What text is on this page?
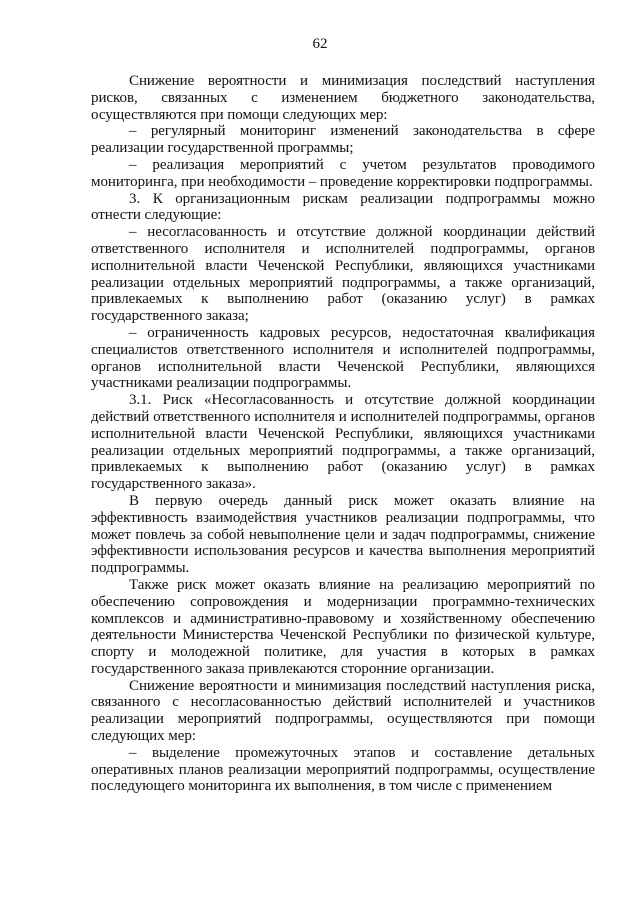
62

Снижение вероятности и минимизация последствий наступления рисков, связанных с изменением бюджетного законодательства, осуществляются при помощи следующих мер:

– регулярный мониторинг изменений законодательства в сфере реализации государственной программы;

– реализация мероприятий с учетом результатов проводимого мониторинга, при необходимости – проведение корректировки подпрограммы.

3. К организационным рискам реализации подпрограммы можно отнести следующие:

– несогласованность и отсутствие должной координации действий ответственного исполнителя и исполнителей подпрограммы, органов исполнительной власти Чеченской Республики, являющихся участниками реализации отдельных мероприятий подпрограммы, а также организаций, привлекаемых к выполнению работ (оказанию услуг) в рамках государственного заказа;

– ограниченность кадровых ресурсов, недостаточная квалификация специалистов ответственного исполнителя и исполнителей подпрограммы, органов исполнительной власти Чеченской Республики, являющихся участниками реализации подпрограммы.

3.1. Риск «Несогласованность и отсутствие должной координации действий ответственного исполнителя и исполнителей подпрограммы, органов исполнительной власти Чеченской Республики, являющихся участниками реализации отдельных мероприятий подпрограммы, а также организаций, привлекаемых к выполнению работ (оказанию услуг) в рамках государственного заказа».

В первую очередь данный риск может оказать влияние на эффективность взаимодействия участников реализации подпрограммы, что может повлечь за собой невыполнение цели и задач подпрограммы, снижение эффективности использования ресурсов и качества выполнения мероприятий подпрограммы.

Также риск может оказать влияние на реализацию мероприятий по обеспечению сопровождения и модернизации программно-технических комплексов и административно-правовому и хозяйственному обеспечению деятельности Министерства Чеченской Республики по физической культуре, спорту и молодежной политике, для участия в которых в рамках государственного заказа привлекаются сторонние организации.

Снижение вероятности и минимизация последствий наступления риска, связанного с несогласованностью действий исполнителей и участников реализации мероприятий подпрограммы, осуществляются при помощи следующих мер:

– выделение промежуточных этапов и составление детальных оперативных планов реализации мероприятий подпрограммы, осуществление последующего мониторинга их выполнения, в том числе с применением
